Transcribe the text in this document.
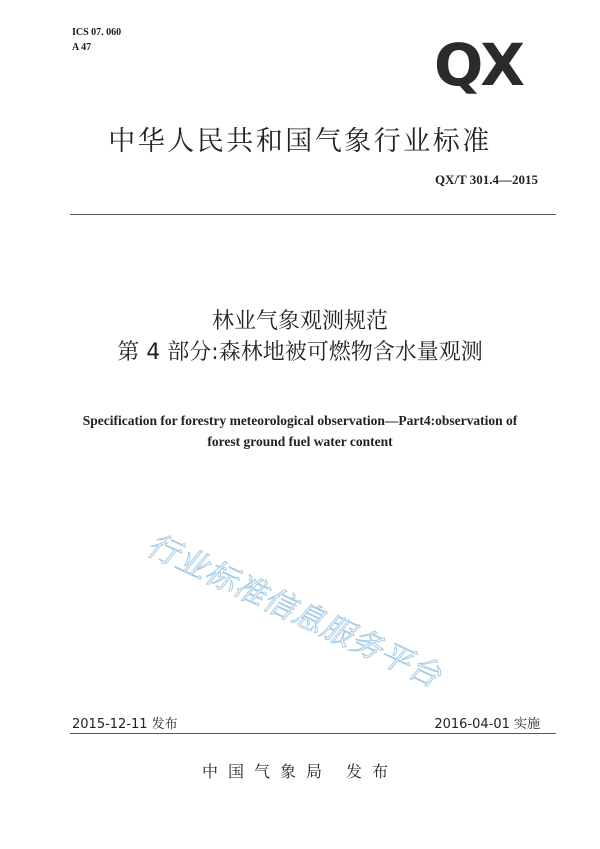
ICS 07. 060
A 47	QX
中华人民共和国气象行业标准
QX/T 301.4—2015
林业气象观测规范
第 4 部分:森林地被可燃物含水量观测
Specification for forestry meteorological observation—Part4:observation of
forest ground fuel water content
行业标准信息服务平台
2015-12-11 发布	2016-04-01 实施
中国气象局 发布
